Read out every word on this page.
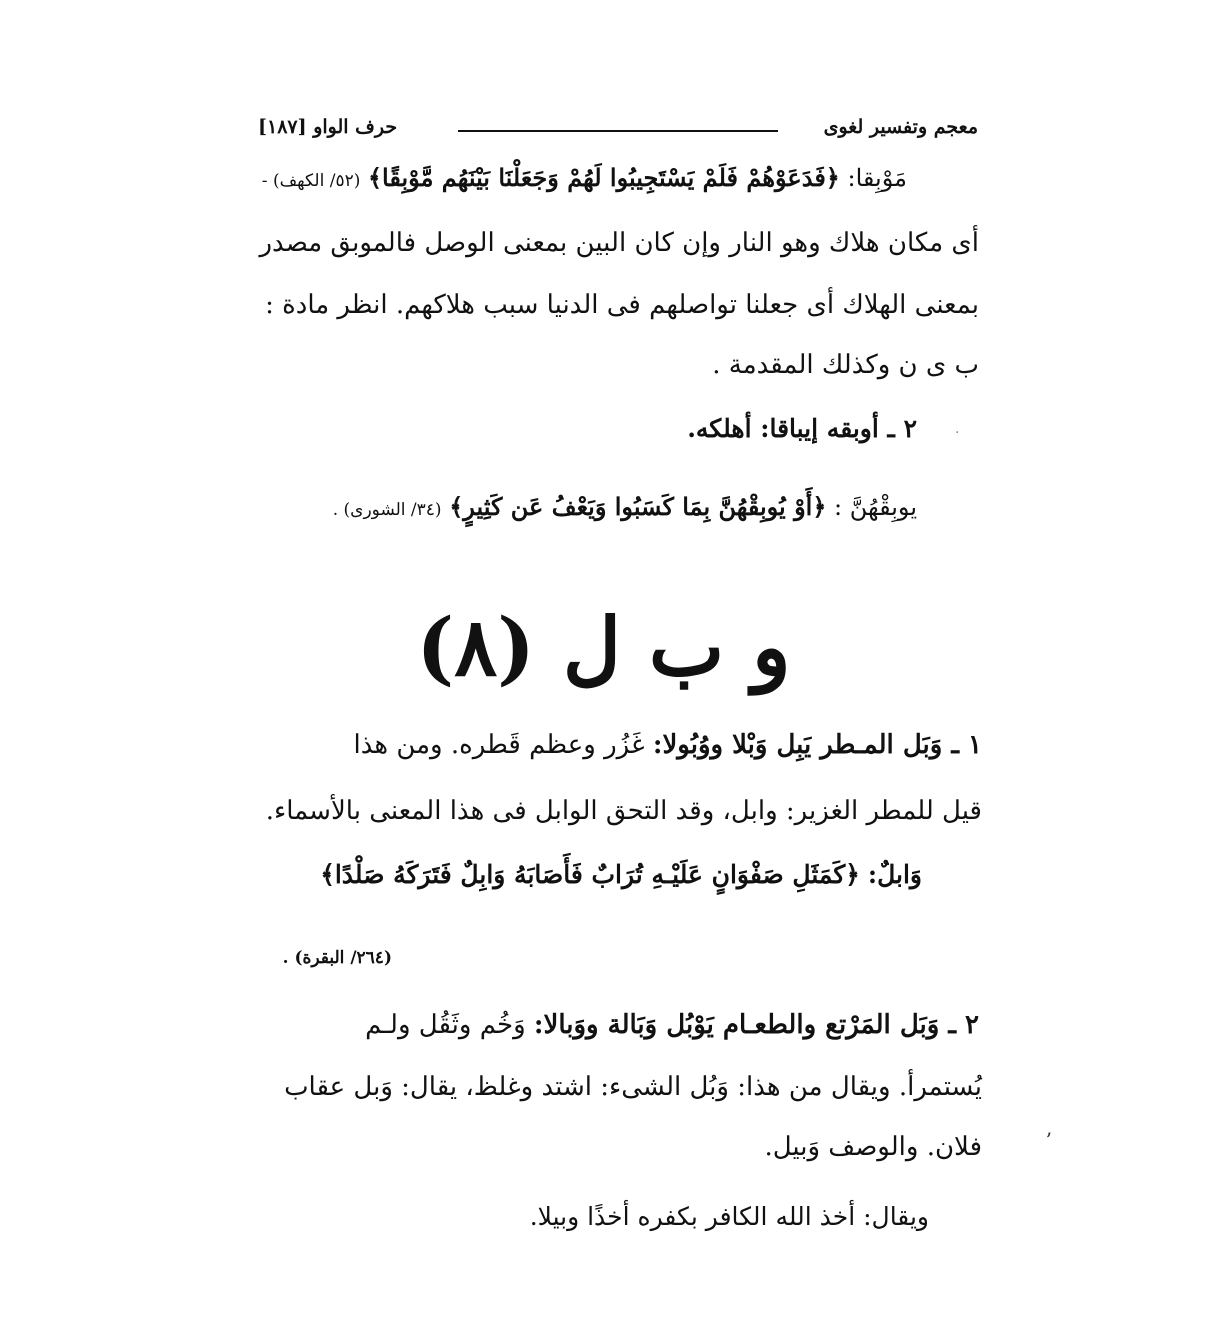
معجم وتفسير لغوى
حرف الواو [١٨٧]
مَوْبِقا: ﴿فَدَعَوْهُمْ فَلَمْ يَسْتَجِيبُوا لَهُمْ وَجَعَلْنَا بَيْنَهُم مَّوْبِقًا﴾ (٥٢/ الكهف) -
أى مكان هلاك وهو النار وإن كان البين بمعنى الوصل فالموبق مصدر
بمعنى الهلاك أى جعلنا تواصلهم فى الدنيا سبب هلاكهم. انظر مادة :
ب ى ن وكذلك المقدمة .
٢ ـ أوبقه إيباقا: أهلكه.	·
يوبِقْهُنَّ : ﴿أَوْ يُوبِقْهُنَّ بِمَا كَسَبُوا وَيَعْفُ عَن كَثِيرٍ﴾ (٣٤/ الشورى) .
و ب ل (٨)
١ ـ وَبَل المـطر يَبِل وَبْلا ووُبُولا: غَزُر وعظم قَطره. ومن هذا
قيل للمطر الغزير: وابل، وقد التحق الوابل فى هذا المعنى بالأسماء.
وَابلٌ: ﴿كَمَثَلِ صَفْوَانٍ عَلَيْـهِ تُرَابٌ فَأَصَابَهُ وَابِلٌ فَتَرَكَهُ صَلْدًا﴾
(٢٦٤/ البقرة) .
٢ ـ وَبَل المَرْتع والطعـام يَوْبُل وَبَالة ووَبالا: وَخُم وثَقُل ولـم
يُستمرأ. ويقال من هذا: وَبُل الشىء: اشتد وغلظ، يقال: وَبل عقاب
فلان. والوصف وَبيل.	ʼ
ويقال: أخذ الله الكافر بكفره أخذًا وبيلا.
